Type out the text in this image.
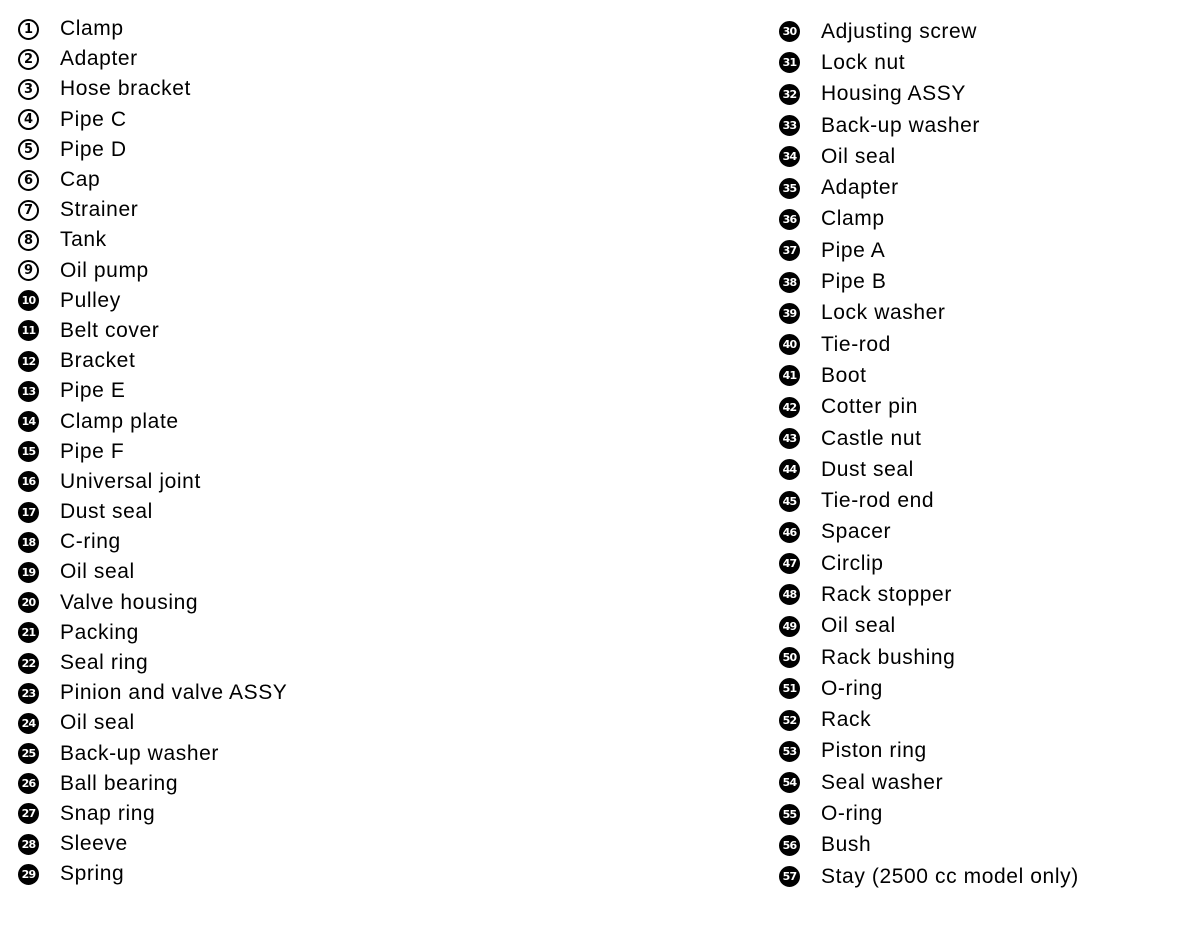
1 Clamp
2 Adapter
3 Hose bracket
4 Pipe C
5 Pipe D
6 Cap
7 Strainer
8 Tank
9 Oil pump
10 Pulley
11 Belt cover
12 Bracket
13 Pipe E
14 Clamp plate
15 Pipe F
16 Universal joint
17 Dust seal
18 C-ring
19 Oil seal
20 Valve housing
21 Packing
22 Seal ring
23 Pinion and valve ASSY
24 Oil seal
25 Back-up washer
26 Ball bearing
27 Snap ring
28 Sleeve
29 Spring
30 Adjusting screw
31 Lock nut
32 Housing ASSY
33 Back-up washer
34 Oil seal
35 Adapter
36 Clamp
37 Pipe A
38 Pipe B
39 Lock washer
40 Tie-rod
41 Boot
42 Cotter pin
43 Castle nut
44 Dust seal
45 Tie-rod end
46 Spacer
47 Circlip
48 Rack stopper
49 Oil seal
50 Rack bushing
51 O-ring
52 Rack
53 Piston ring
54 Seal washer
55 O-ring
56 Bush
57 Stay (2500 cc model only)
